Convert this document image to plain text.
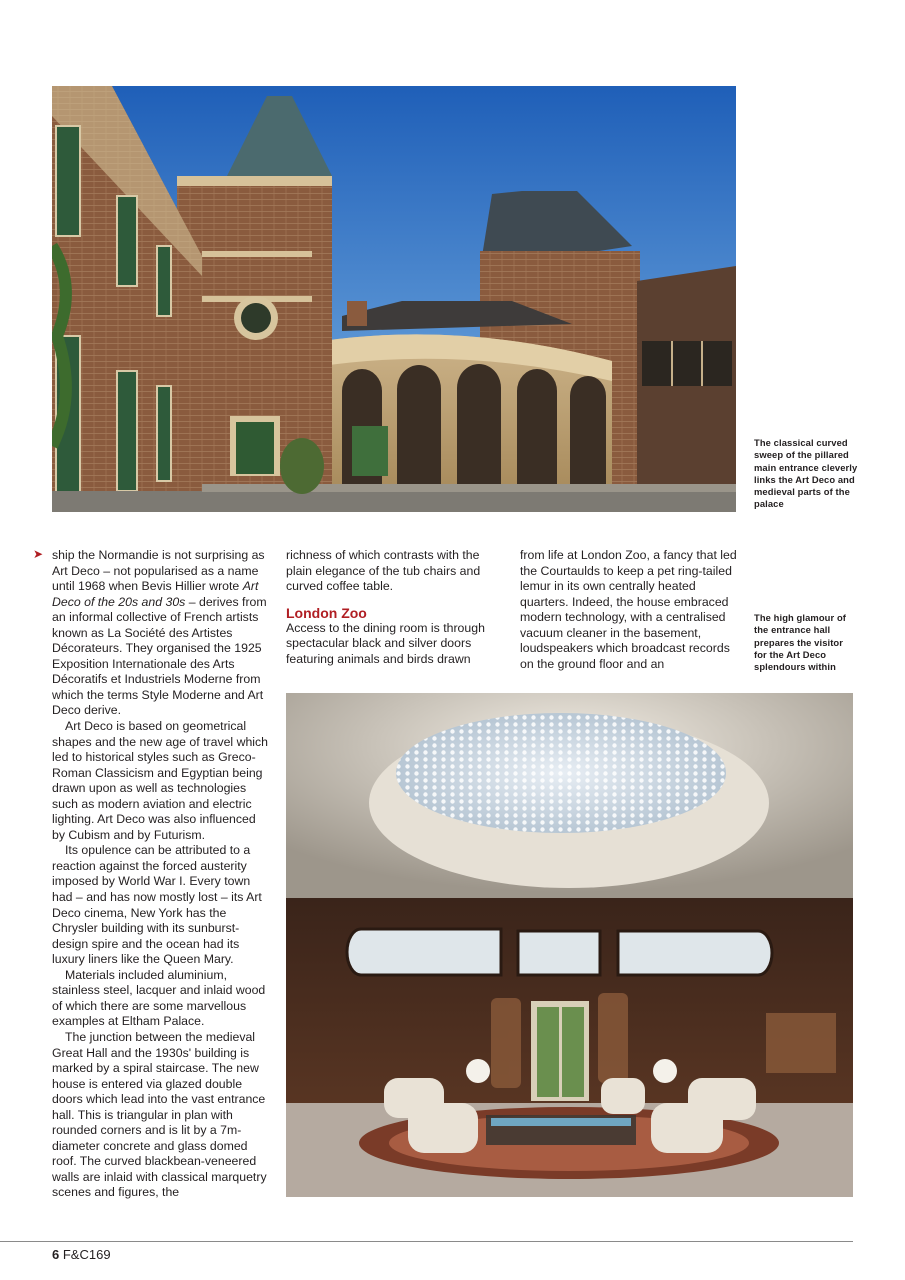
The classical curved sweep of the pillared main entrance cleverly links the Art Deco and medieval parts of the palace
➤ ship the Normandie is not surprising as Art Deco – not popularised as a name until 1968 when Bevis Hillier wrote Art Deco of the 20s and 30s – derives from an informal collective of French artists known as La Société des Artistes Décorateurs. They organised the 1925 Exposition Internationale des Arts Décoratifs et Industriels Moderne from which the terms Style Moderne and Art Deco derive.

Art Deco is based on geometrical shapes and the new age of travel which led to historical styles such as Greco-Roman Classicism and Egyptian being drawn upon as well as technologies such as modern aviation and electric lighting. Art Deco was also influenced by Cubism and by Futurism.

Its opulence can be attributed to a reaction against the forced austerity imposed by World War I. Every town had – and has now mostly lost – its Art Deco cinema, New York has the Chrysler building with its sunburst-design spire and the ocean had its luxury liners like the Queen Mary.

Materials included aluminium, stainless steel, lacquer and inlaid wood of which there are some marvellous examples at Eltham Palace.

The junction between the medieval Great Hall and the 1930s' building is marked by a spiral staircase. The new house is entered via glazed double doors which lead into the vast entrance hall. This is triangular in plan with rounded corners and is lit by a 7m-diameter concrete and glass domed roof. The curved blackbean-veneered walls are inlaid with classical marquetry scenes and figures, the

richness of which contrasts with the plain elegance of the tub chairs and curved coffee table.

London Zoo

Access to the dining room is through spectacular black and silver doors featuring animals and birds drawn

from life at London Zoo, a fancy that led the Courtaulds to keep a pet ring-tailed lemur in its own centrally heated quarters. Indeed, the house embraced modern technology, with a centralised vacuum cleaner in the basement, loudspeakers which broadcast records on the ground floor and an

The high glamour of the entrance hall prepares the visitor for the Art Deco splendours within
6 F&C169
